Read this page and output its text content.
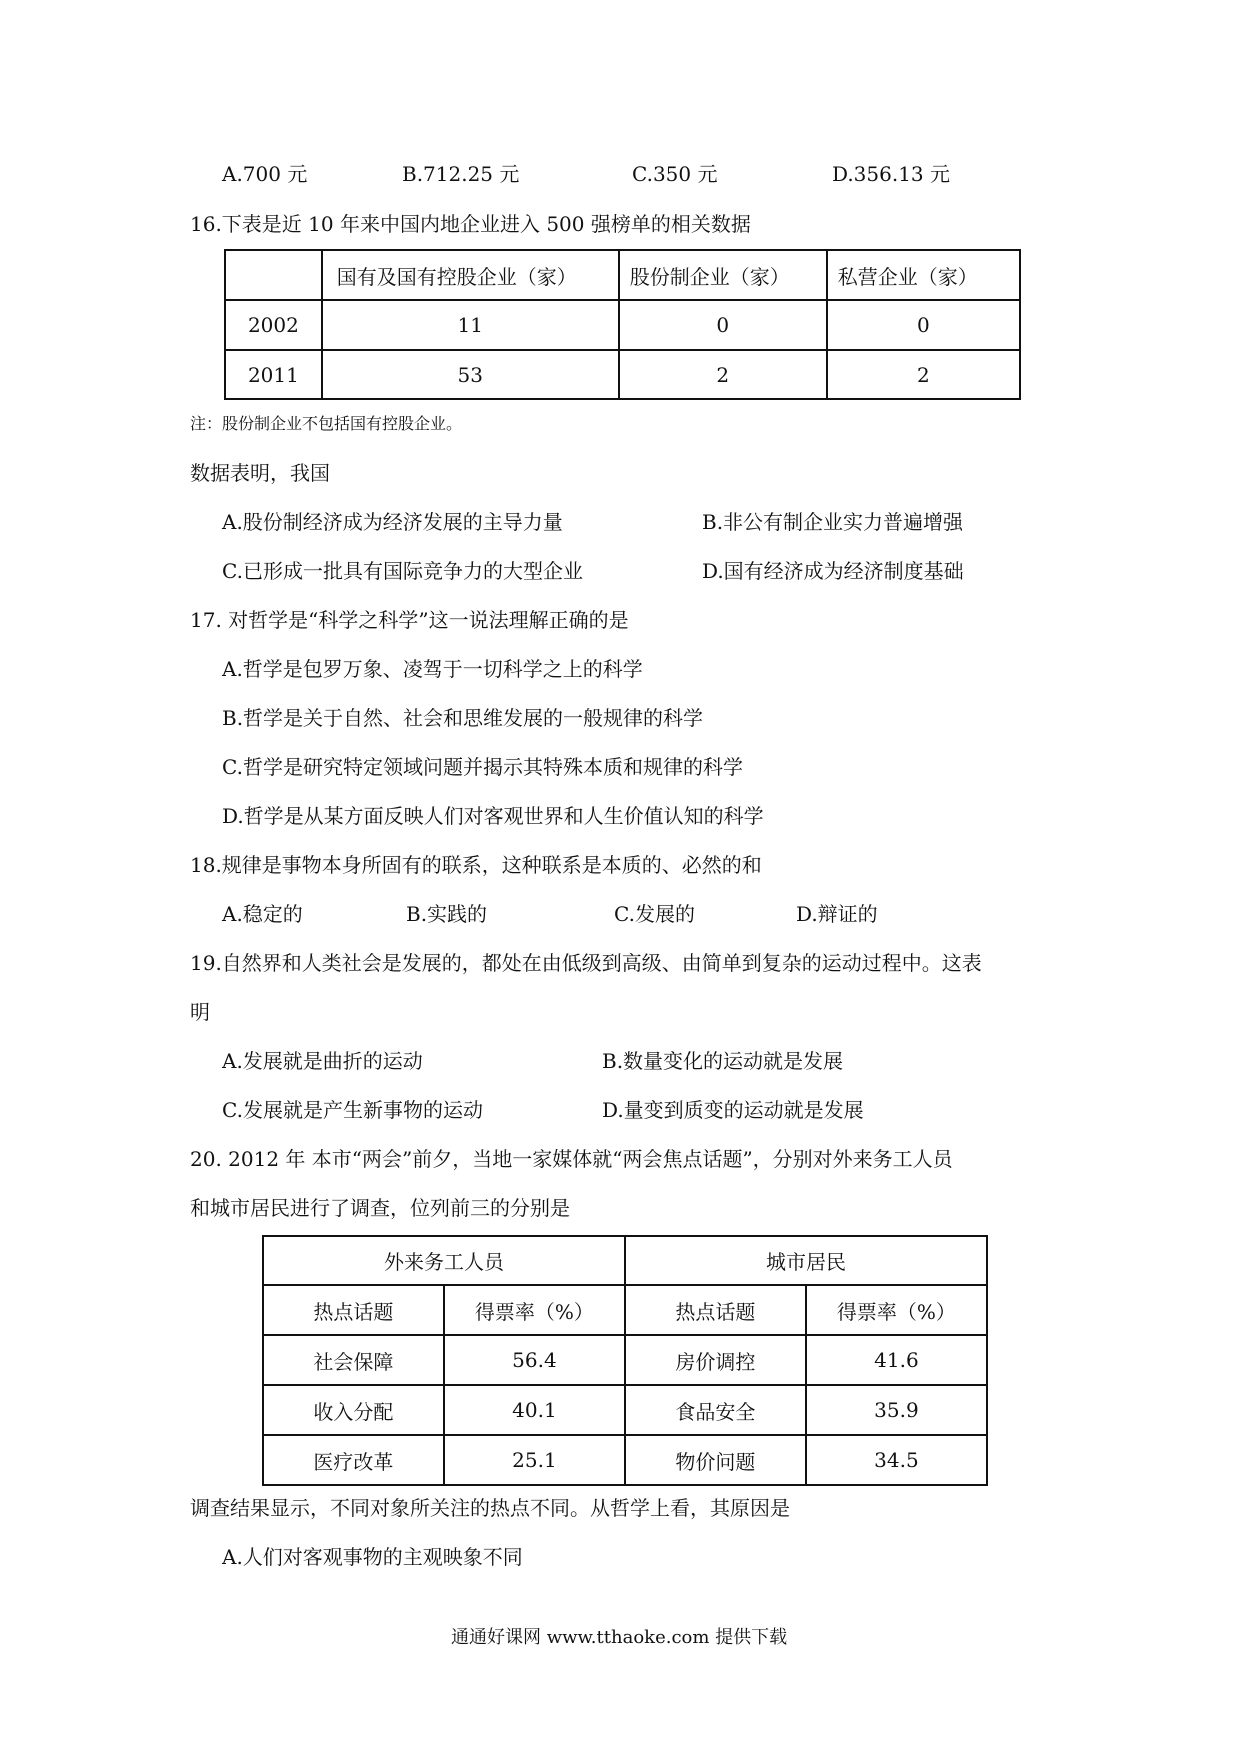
A.700 元	B.712.25 元	C.350 元	D.356.13 元
16.下表是近 10 年来中国内地企业进入 500 强榜单的相关数据
	国有及国有控股企业（家）	股份制企业（家）	私营企业（家）
2002	11	0	0
2011	53	2	2
注：股份制企业不包括国有控股企业。
数据表明，我国
A.股份制经济成为经济发展的主导力量	B.非公有制企业实力普遍增强
C.已形成一批具有国际竞争力的大型企业	D.国有经济成为经济制度基础
17. 对哲学是“科学之科学”这一说法理解正确的是
A.哲学是包罗万象、凌驾于一切科学之上的科学
B.哲学是关于自然、社会和思维发展的一般规律的科学
C.哲学是研究特定领域问题并揭示其特殊本质和规律的科学
D.哲学是从某方面反映人们对客观世界和人生价值认知的科学
18.规律是事物本身所固有的联系，这种联系是本质的、必然的和
A.稳定的	B.实践的	C.发展的	D.辩证的
19.自然界和人类社会是发展的，都处在由低级到高级、由简单到复杂的运动过程中。这表
明
A.发展就是曲折的运动	B.数量变化的运动就是发展
C.发展就是产生新事物的运动	D.量变到质变的运动就是发展
20. 2012 年 本市“两会”前夕，当地一家媒体就“两会焦点话题”，分别对外来务工人员
和城市居民进行了调查，位列前三的分别是
外来务工人员		城市居民	
热点话题	得票率（%）	热点话题	得票率（%）
社会保障	56.4	房价调控	41.6
收入分配	40.1	食品安全	35.9
医疗改革	25.1	物价问题	34.5
调查结果显示，不同对象所关注的热点不同。从哲学上看，其原因是
A.人们对客观事物的主观映象不同
通通好课网 www.tthaoke.com 提供下载
